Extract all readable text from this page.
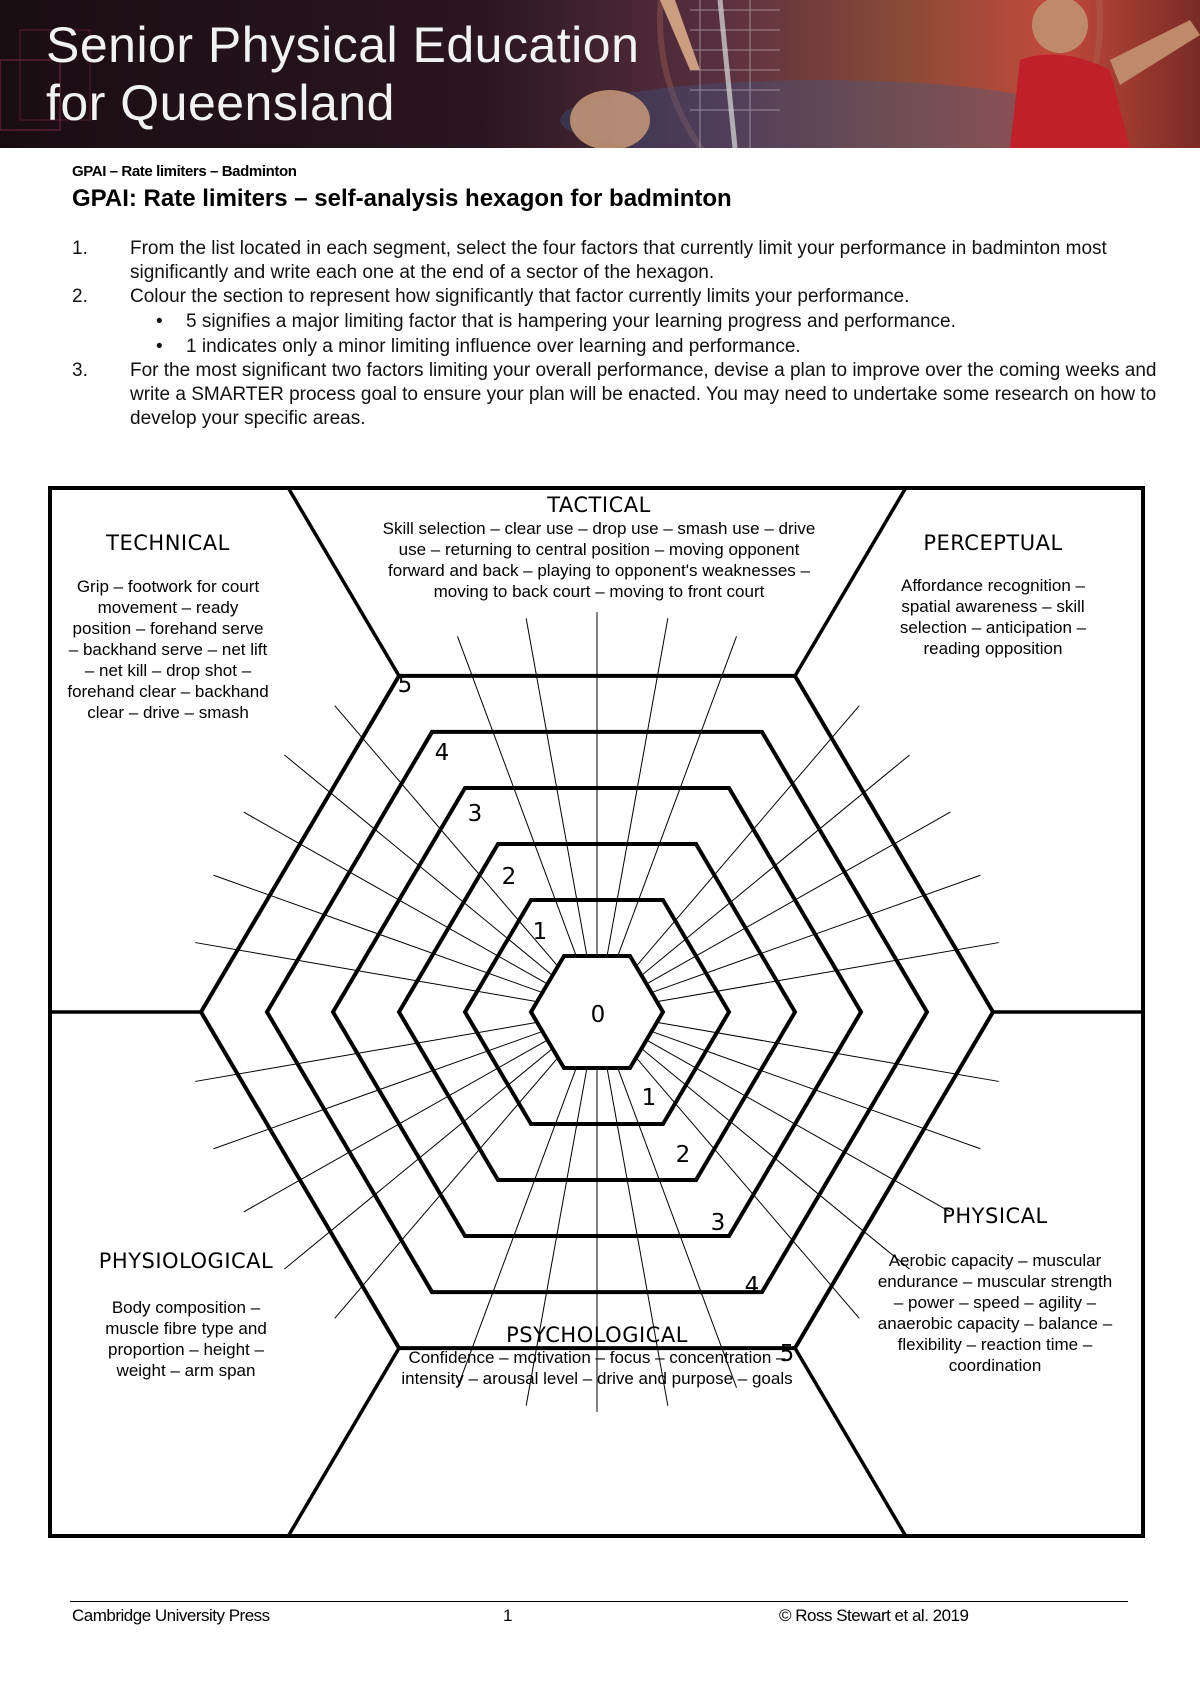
Senior Physical Education
for Queensland
GPAI – Rate limiters – Badminton
GPAI: Rate limiters – self-analysis hexagon for badminton
1. From the list located in each segment, select the four factors that currently limit your performance in badminton most significantly and write each one at the end of a sector of the hexagon.
2. Colour the section to represent how significantly that factor currently limits your performance.
• 5 signifies a major limiting factor that is hampering your learning progress and performance.
• 1 indicates only a minor limiting influence over learning and performance.
3. For the most significant two factors limiting your overall performance, devise a plan to improve over the coming weeks and write a SMARTER process goal to ensure your plan will be enacted. You may need to undertake some research on how to develop your specific areas.
TACTICAL
TECHNICAL	PERCEPTUAL
PHYSICAL
PHYSIOLOGICAL
PSYCHOLOGICAL
Skill selection – clear use – drop use – smash use – drive
use – returning to central position – moving opponent
forward and back – playing to opponent's weaknesses –
moving to back court – moving to front court
Grip – footwork for court
movement – ready
position – forehand serve
– backhand serve – net lift
– net kill – drop shot –
forehand clear – backhand
clear – drive – smash
Affordance recognition –
spatial awareness – skill
selection – anticipation –
reading opposition
Aerobic capacity – muscular
endurance – muscular strength
– power – speed – agility –
anaerobic capacity – balance –
flexibility – reaction time –
coordination
Body composition –
muscle fibre type and
proportion – height –
weight – arm span
Confidence – motivation – focus – concentration –
intensity – arousal level – drive and purpose – goals
0
1
2
3
4
5
1
2
3
4
5
Cambridge University Press	1	© Ross Stewart et al. 2019
